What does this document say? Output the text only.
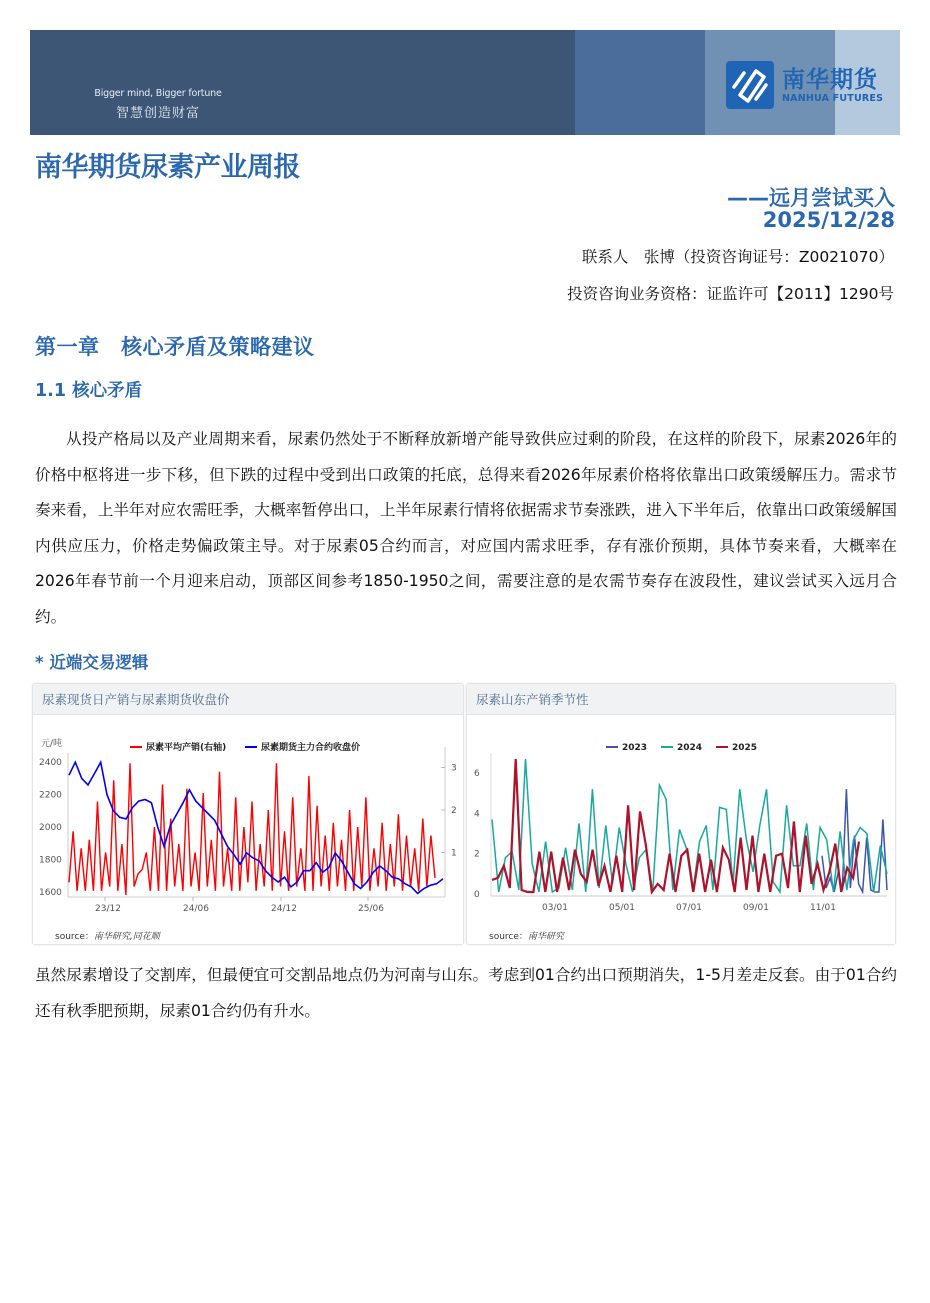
Bigger mind, Bigger fortune
智慧创造财富
南华期货
NANHUA FUTURES
南华期货尿素产业周报
——远月尝试买入
2025/12/28
联系人　张博（投资咨询证号：Z0021070）
投资咨询业务资格：证监许可【2011】1290号
第一章　核心矛盾及策略建议
1.1 核心矛盾
从投产格局以及产业周期来看，尿素仍然处于不断释放新增产能导致供应过剩的阶段，在这样的阶段下，尿素2026年的价格中枢将进一步下移，但下跌的过程中受到出口政策的托底，总得来看2026年尿素价格将依靠出口政策缓解压力。需求节奏来看，上半年对应农需旺季，大概率暂停出口，上半年尿素行情将依据需求节奏涨跌，进入下半年后，依靠出口政策缓解国内供应压力，价格走势偏政策主导。对于尿素05合约而言，对应国内需求旺季，存有涨价预期，具体节奏来看，大概率在2026年春节前一个月迎来启动，顶部区间参考1850-1950之间，需要注意的是农需节奏存在波段性，建议尝试买入远月合约。
* 近端交易逻辑
尿素现货日产销与尿素期货收盘价
元/吨	尿素平均产销(右轴)	尿素期货主力合约收盘价
1600
1800
2000
2200
2400
1
2
3
23/12	24/06	24/12	25/06
source：南华研究,同花顺
尿素山东产销季节性
2023	2024	2025
0
2
4
6
03/01	05/01	07/01	09/01	11/01
source：南华研究
虽然尿素增设了交割库，但最便宜可交割品地点仍为河南与山东。考虑到01合约出口预期消失，1-5月差走反套。由于01合约还有秋季肥预期，尿素01合约仍有升水。
